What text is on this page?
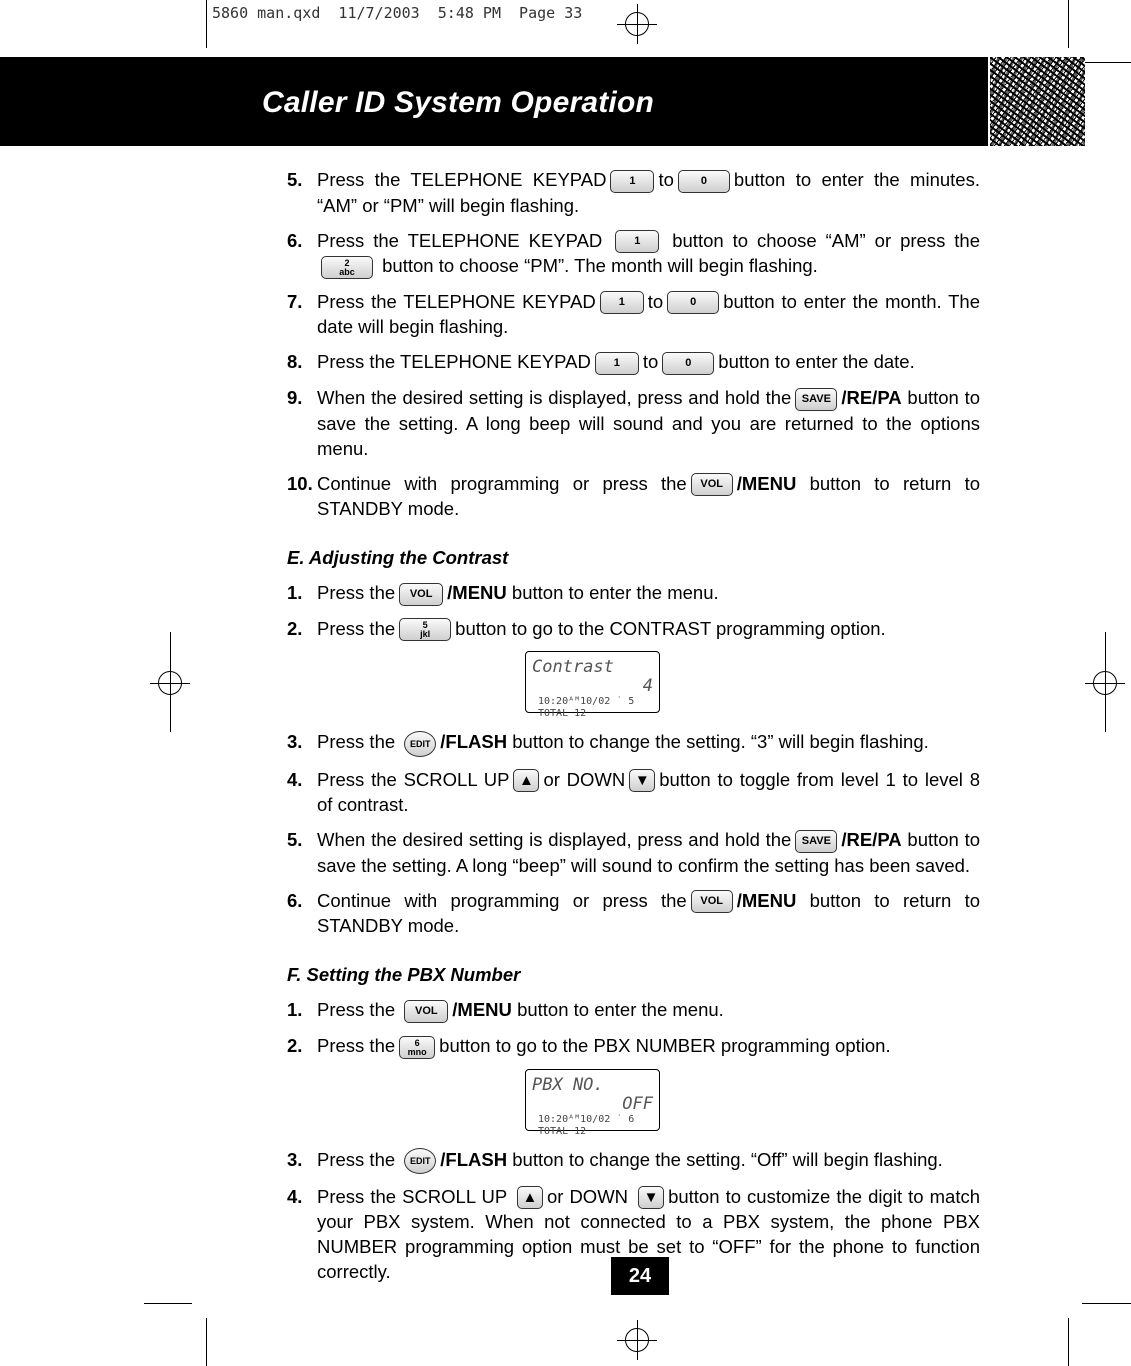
5860 man.qxd  11/7/2003  5:48 PM  Page 33
Caller ID System Operation
5. Press the TELEPHONE KEYPAD 1 to 0 button to enter the minutes. “AM” or “PM” will begin flashing.
6. Press the TELEPHONE KEYPAD	1 button to choose “AM” or press the 2
abc button to choose “PM”. The month will begin flashing.
7. Press the TELEPHONE KEYPAD 1 to 0 button to enter the month. The date will begin flashing.
8. Press the TELEPHONE KEYPAD 1 to 0 button to enter the date.
9. When the desired setting is displayed, press and hold the SAVE /RE/PA button to save the setting. A long beep will sound and you are returned to the options menu.
10. Continue with programming or press the VOL /MENU button to return to STANDBY mode.
E. Adjusting the Contrast
1. Press the VOL /MENU button to enter the menu.
2. Press the	5
jkl button to go to the CONTRAST programming option.
Contrast
4
10:20ᴬᴹ10/02 ˙ 5 TOTAL 12
3. Press the EDIT /FLASH button to change the setting. “3” will begin flashing.
4. Press the SCROLL UP ▲ or DOWN ▼ button to toggle from level 1 to level 8 of contrast.
5. When the desired setting is displayed, press and hold the SAVE /RE/PA button to save the setting. A long “beep” will sound to confirm the setting has been saved.
6. Continue with programming or press the VOL /MENU button to return to STANDBY mode.
F. Setting the PBX Number
1. Press the VOL /MENU button to enter the menu.
2. Press the 6
mno button to go to the PBX NUMBER programming option.
PBX NO.
OFF
10:20ᴬᴹ10/02 ˙ 6 TOTAL 12
3. Press the EDIT /FLASH button to change the setting. “Off” will begin flashing.
4. Press the SCROLL UP ▲ or DOWN ▼ button to customize the digit to match your PBX system. When not connected to a PBX system, the phone PBX NUMBER programming option must be set to “OFF” for the phone to function correctly.	24
